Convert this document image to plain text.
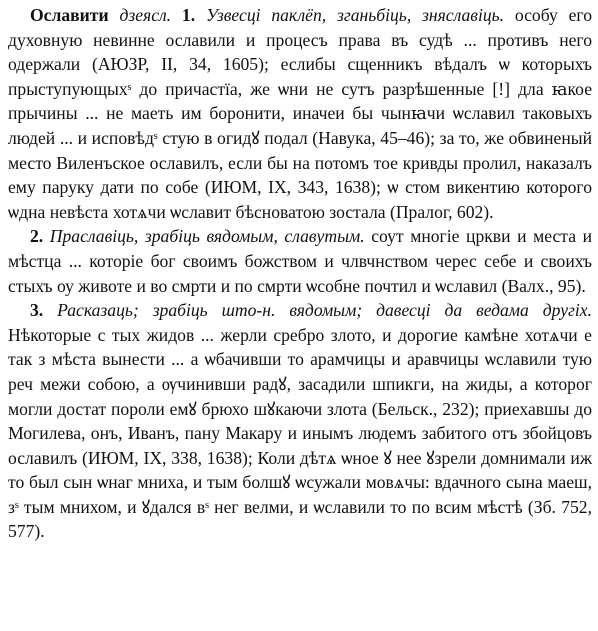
Ославити дзеясл. 1. Узвесці паклёп, зганьбіць, зняславіць. особу его духовную невинне ославили и процесъ права въ судѣ ... противъ него одержали (АЮЗР, II, 34, 1605); еслибы сщенникъ вѣдалъ ѡ которыхъ прыступующыхˢ до причастїа, же ѡни не сутъ разрѣшенные [!] дла ꙗкое прычины ... не маеть им боронити, иначеи бы чынꙗчи ѡславил таковыхъ людей ... и исповѣдˢ стую в огидꙋ подал (Навука, 45–46); за то, же обвиненый место Виленъское ославилъ, если бы на потомъ тое кривды пролил, наказалъ ему паруку дати по собе (ИЮМ, IX, 343, 1638); ѡ стом викентию которого ѡдна невѣста хотѧчи ѡславит бѣсноватою зостала (Пралог, 602).

2. Праславіць, зрабіць вядомым, славутым. соут многіе цркви и места и мѣстца ... которіе бог своимъ божством и члвчнством черес себе и своихъ стыхъ оу животе и во смрти и по смрти ѡсобне почтил и ѡславил (Валх., 95).

3. Расказаць; зрабіць што-н. вядомым; давесці да ведама другіх. Нѣкоторые с тых жидов ... жерли сребро злото, и дорогие камѣне хотѧчи е так з мѣста вынести ... а ѡбачивши то арамчицы и аравчицы ѡславили тую реч межи собою, а ѹчинивши радꙋ, засадили шпикги, на жиды, а которог могли достат пороли емꙋ брюхо шꙋкаючи злота (Бельск., 232); приехавшы до Могилева, онъ, Иванъ, пану Макару и инымъ людемъ забитого отъ збойцовъ ославилъ (ИЮМ, IX, 338, 1638); Коли дѣтѧ ѡное ꙋ нее ꙋзрели домнимали иж то был сын ѡнаг мниха, и тым болшꙋ ѡсужали мовѧчы: вдачного сына маеш, зˢ тым мнихом, и ꙋдался вˢ нег велми, и ѡславили то по всим мѣстѣ (Зб. 752, 577).
